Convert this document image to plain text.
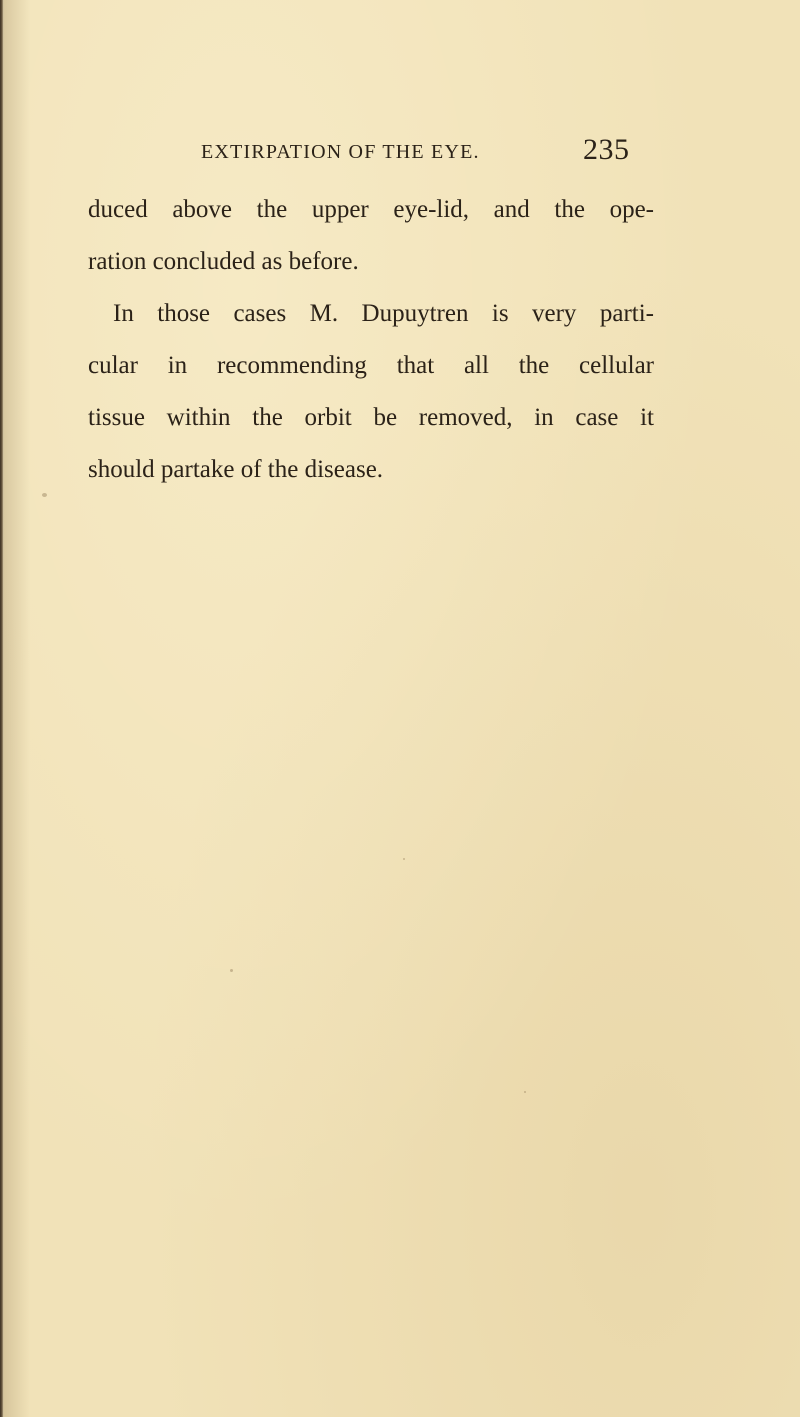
EXTIRPATION OF THE EYE.	235
duced above the upper eye-lid, and the ope-
ration concluded as before.
In those cases M. Dupuytren is very parti-
cular in recommending that all the cellular
tissue within the orbit be removed, in case it
should partake of the disease.
